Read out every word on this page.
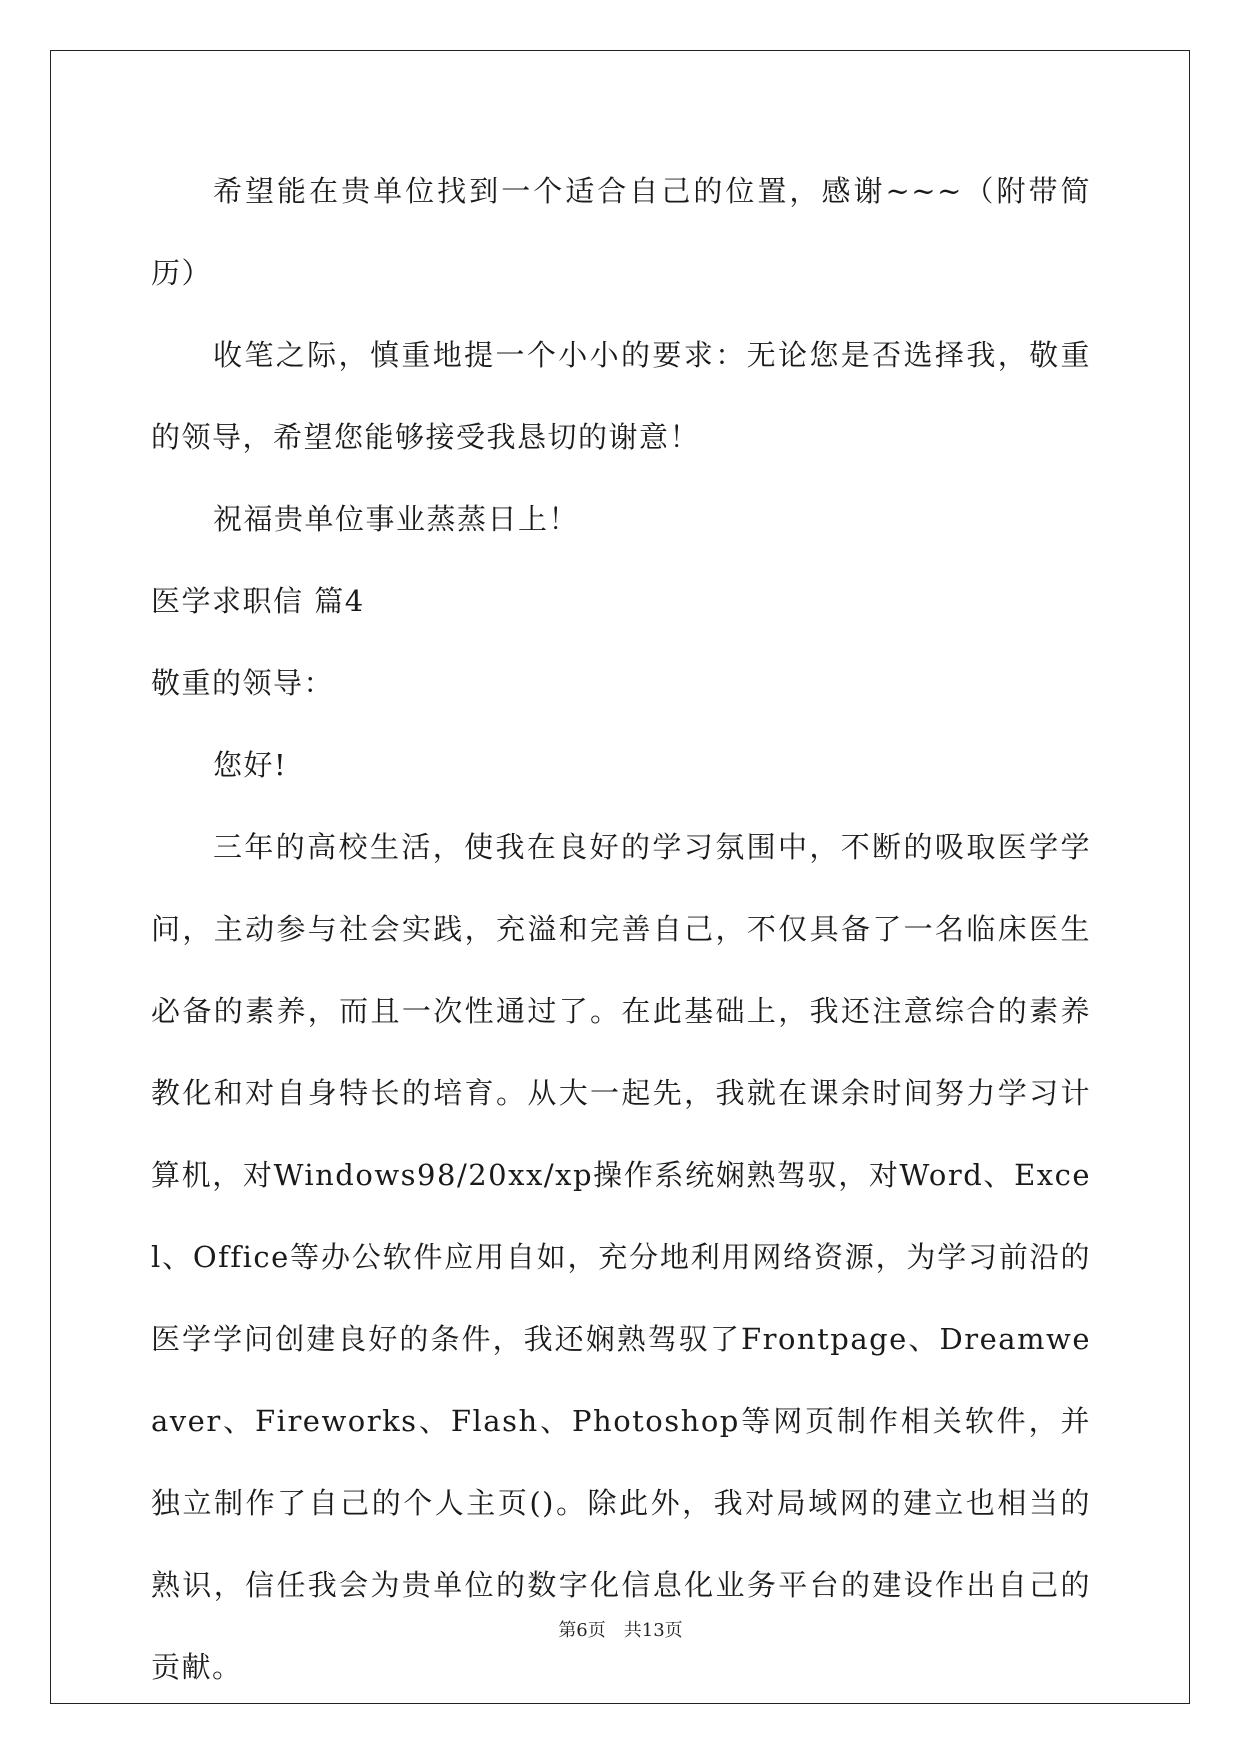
希望能在贵单位找到一个适合自己的位置，感谢~~~（附带简历）

收笔之际，慎重地提一个小小的要求：无论您是否选择我，敬重的领导，希望您能够接受我恳切的谢意！

祝福贵单位事业蒸蒸日上！

医学求职信 篇4

敬重的领导：

您好!

三年的高校生活，使我在良好的学习氛围中，不断的吸取医学学问，主动参与社会实践，充溢和完善自己，不仅具备了一名临床医生必备的素养，而且一次性通过了。在此基础上，我还注意综合的素养教化和对自身特长的培育。从大一起先，我就在课余时间努力学习计算机，对Windows98/20xx/xp操作系统娴熟驾驭，对Word、Excel、Office等办公软件应用自如，充分地利用网络资源，为学习前沿的医学学问创建良好的条件，我还娴熟驾驭了Frontpage、Dreamweaver、Fireworks、Flash、Photoshop等网页制作相关软件，并独立制作了自己的个人主页()。除此外，我对局域网的建立也相当的熟识，信任我会为贵单位的数字化信息化业务平台的建设作出自己的贡献。

第6页 共13页
